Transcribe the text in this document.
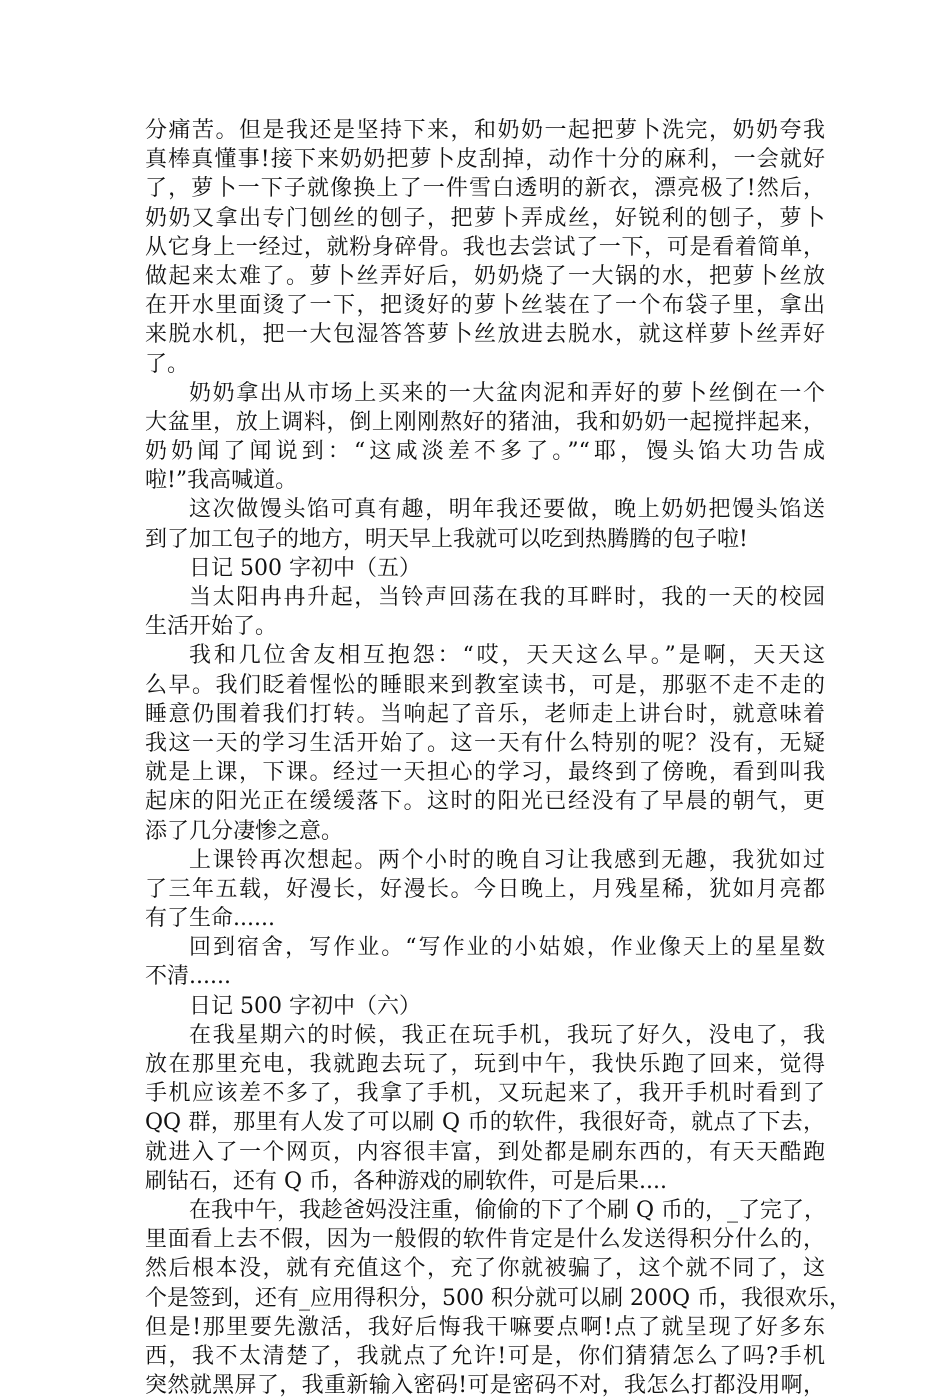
分痛苦。但是我还是坚持下来，和奶奶一起把萝卜洗完，奶奶夸我
真棒真懂事!接下来奶奶把萝卜皮刮掉，动作十分的麻利，一会就好
了，萝卜一下子就像换上了一件雪白透明的新衣，漂亮极了!然后，
奶奶又拿出专门刨丝的刨子，把萝卜弄成丝，好锐利的刨子，萝卜
从它身上一经过，就粉身碎骨。我也去尝试了一下，可是看着简单，
做起来太难了。萝卜丝弄好后，奶奶烧了一大锅的水，把萝卜丝放
在开水里面烫了一下，把烫好的萝卜丝装在了一个布袋子里，拿出
来脱水机，把一大包湿答答萝卜丝放进去脱水，就这样萝卜丝弄好
了。
奶奶拿出从市场上买来的一大盆肉泥和弄好的萝卜丝倒在一个
大盆里，放上调料，倒上刚刚熬好的猪油，我和奶奶一起搅拌起来，
奶奶闻了闻说到：“这咸淡差不多了。”“耶，馒头馅大功告成
啦!”我高喊道。
这次做馒头馅可真有趣，明年我还要做，晚上奶奶把馒头馅送
到了加工包子的地方，明天早上我就可以吃到热腾腾的包子啦!
日记 500 字初中（五）
当太阳冉冉升起，当铃声回荡在我的耳畔时，我的一天的校园
生活开始了。
我和几位舍友相互抱怨：“哎，天天这么早。”是啊，天天这
么早。我们眨着惺忪的睡眼来到教室读书，可是，那驱不走不走的
睡意仍围着我们打转。当响起了音乐，老师走上讲台时，就意味着
我这一天的学习生活开始了。这一天有什么特别的呢？没有，无疑
就是上课，下课。经过一天担心的学习，最终到了傍晚，看到叫我
起床的阳光正在缓缓落下。这时的阳光已经没有了早晨的朝气，更
添了几分凄惨之意。
上课铃再次想起。两个小时的晚自习让我感到无趣，我犹如过
了三年五载，好漫长，好漫长。今日晚上，月残星稀，犹如月亮都
有了生命......
回到宿舍，写作业。“写作业的小姑娘，作业像天上的星星数
不清......
日记 500 字初中（六）
在我星期六的时候，我正在玩手机，我玩了好久，没电了，我
放在那里充电，我就跑去玩了，玩到中午，我快乐跑了回来，觉得
手机应该差不多了，我拿了手机，又玩起来了，我开手机时看到了
QQ 群，那里有人发了可以刷 Q 币的软件，我很好奇，就点了下去，
就进入了一个网页，内容很丰富，到处都是刷东西的，有天天酷跑
刷钻石，还有 Q 币，各种游戏的刷软件，可是后果....
在我中午，我趁爸妈没注重，偷偷的下了个刷 Q 币的，_了完了，
里面看上去不假，因为一般假的软件肯定是什么发送得积分什么的，
然后根本没，就有充值这个，充了你就被骗了，这个就不同了，这
个是签到，还有_应用得积分，500 积分就可以刷 200Q 币，我很欢乐，
但是!那里要先激活，我好后悔我干嘛要点啊!点了就呈现了好多东
西，我不太清楚了，我就点了允许!可是，你们猜猜怎么了吗?手机
突然就黑屏了，我重新输入密码!可是密码不对，我怎么打都没用啊，
